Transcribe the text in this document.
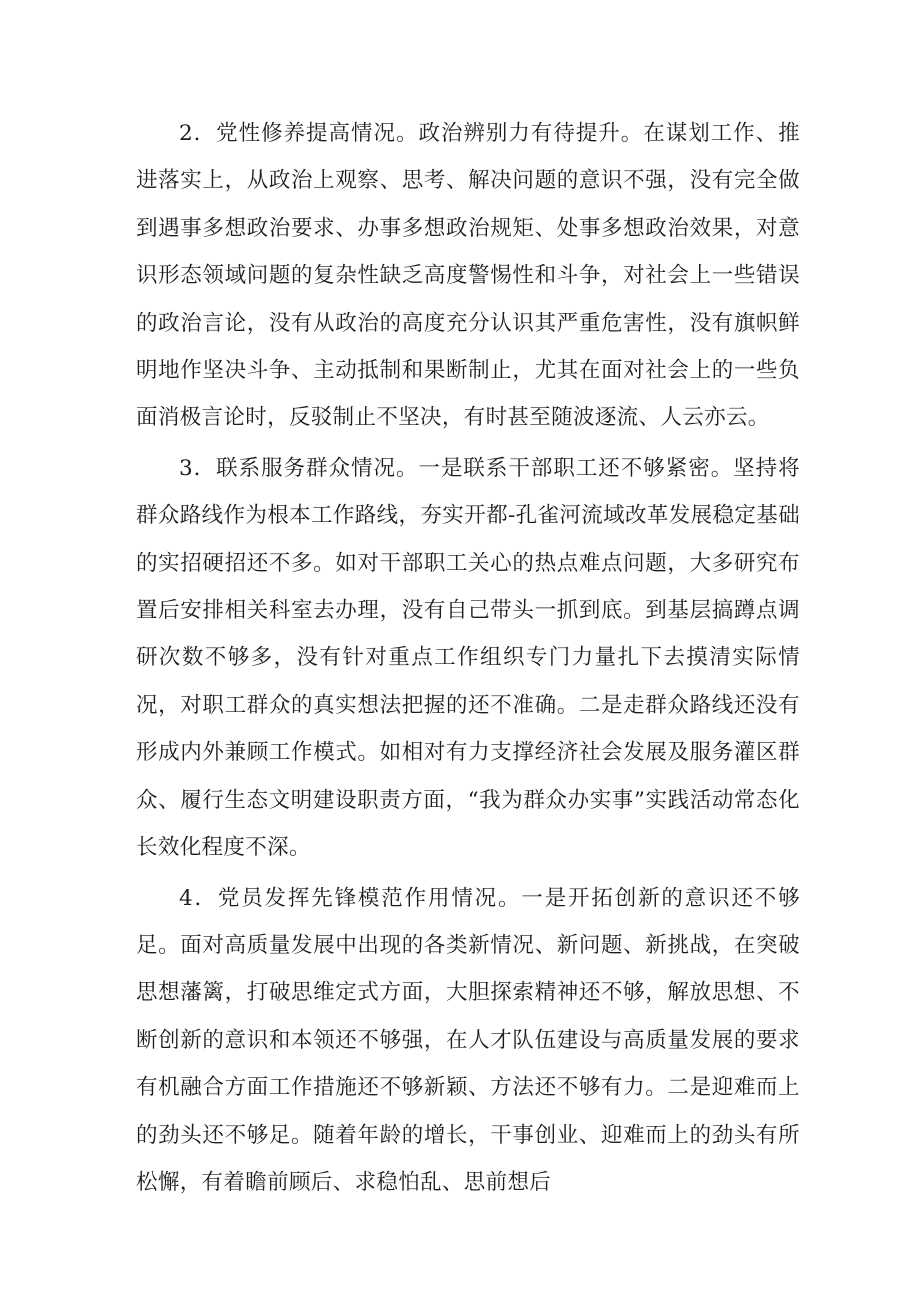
2．党性修养提高情况。政治辨别力有待提升。在谋划工作、推进落实上，从政治上观察、思考、解决问题的意识不强，没有完全做到遇事多想政治要求、办事多想政治规矩、处事多想政治效果，对意识形态领域问题的复杂性缺乏高度警惕性和斗争，对社会上一些错误的政治言论，没有从政治的高度充分认识其严重危害性，没有旗帜鲜明地作坚决斗争、主动抵制和果断制止，尤其在面对社会上的一些负面消极言论时，反驳制止不坚决，有时甚至随波逐流、人云亦云。

3．联系服务群众情况。一是联系干部职工还不够紧密。坚持将群众路线作为根本工作路线，夯实开都-孔雀河流域改革发展稳定基础的实招硬招还不多。如对干部职工关心的热点难点问题，大多研究布置后安排相关科室去办理，没有自己带头一抓到底。到基层搞蹲点调研次数不够多，没有针对重点工作组织专门力量扎下去摸清实际情况，对职工群众的真实想法把握的还不准确。二是走群众路线还没有形成内外兼顾工作模式。如相对有力支撑经济社会发展及服务灌区群众、履行生态文明建设职责方面，“我为群众办实事”实践活动常态化长效化程度不深。

4．党员发挥先锋模范作用情况。一是开拓创新的意识还不够足。面对高质量发展中出现的各类新情况、新问题、新挑战，在突破思想藩篱，打破思维定式方面，大胆探索精神还不够，解放思想、不断创新的意识和本领还不够强，在人才队伍建设与高质量发展的要求有机融合方面工作措施还不够新颖、方法还不够有力。二是迎难而上的劲头还不够足。随着年龄的增长，干事创业、迎难而上的劲头有所松懈，有着瞻前顾后、求稳怕乱、思前想后
